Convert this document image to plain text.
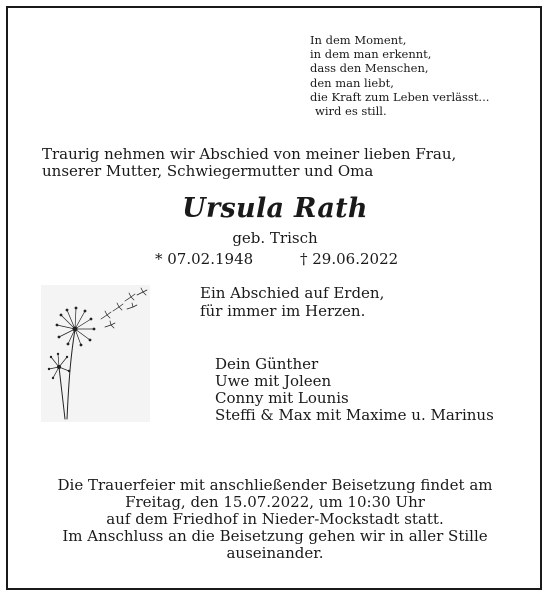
In dem Moment,
in dem man erkennt,
dass den Menschen,
den man liebt,
die Kraft zum Leben verlässt...
wird es still.
Traurig nehmen wir Abschied von meiner lieben Frau,
unserer Mutter, Schwiegermutter und Oma
Ursula Rath
geb. Trisch
* 07.02.1948	† 29.06.2022
Ein Abschied auf Erden,
für immer im Herzen.
Dein Günther
Uwe mit Joleen
Conny mit Lounis
Steffi & Max mit Maxime u. Marinus
Die Trauerfeier mit anschließender Beisetzung findet am
Freitag, den 15.07.2022, um 10:30 Uhr
auf dem Friedhof in Nieder-Mockstadt statt.
Im Anschluss an die Beisetzung gehen wir in aller Stille
auseinander.
